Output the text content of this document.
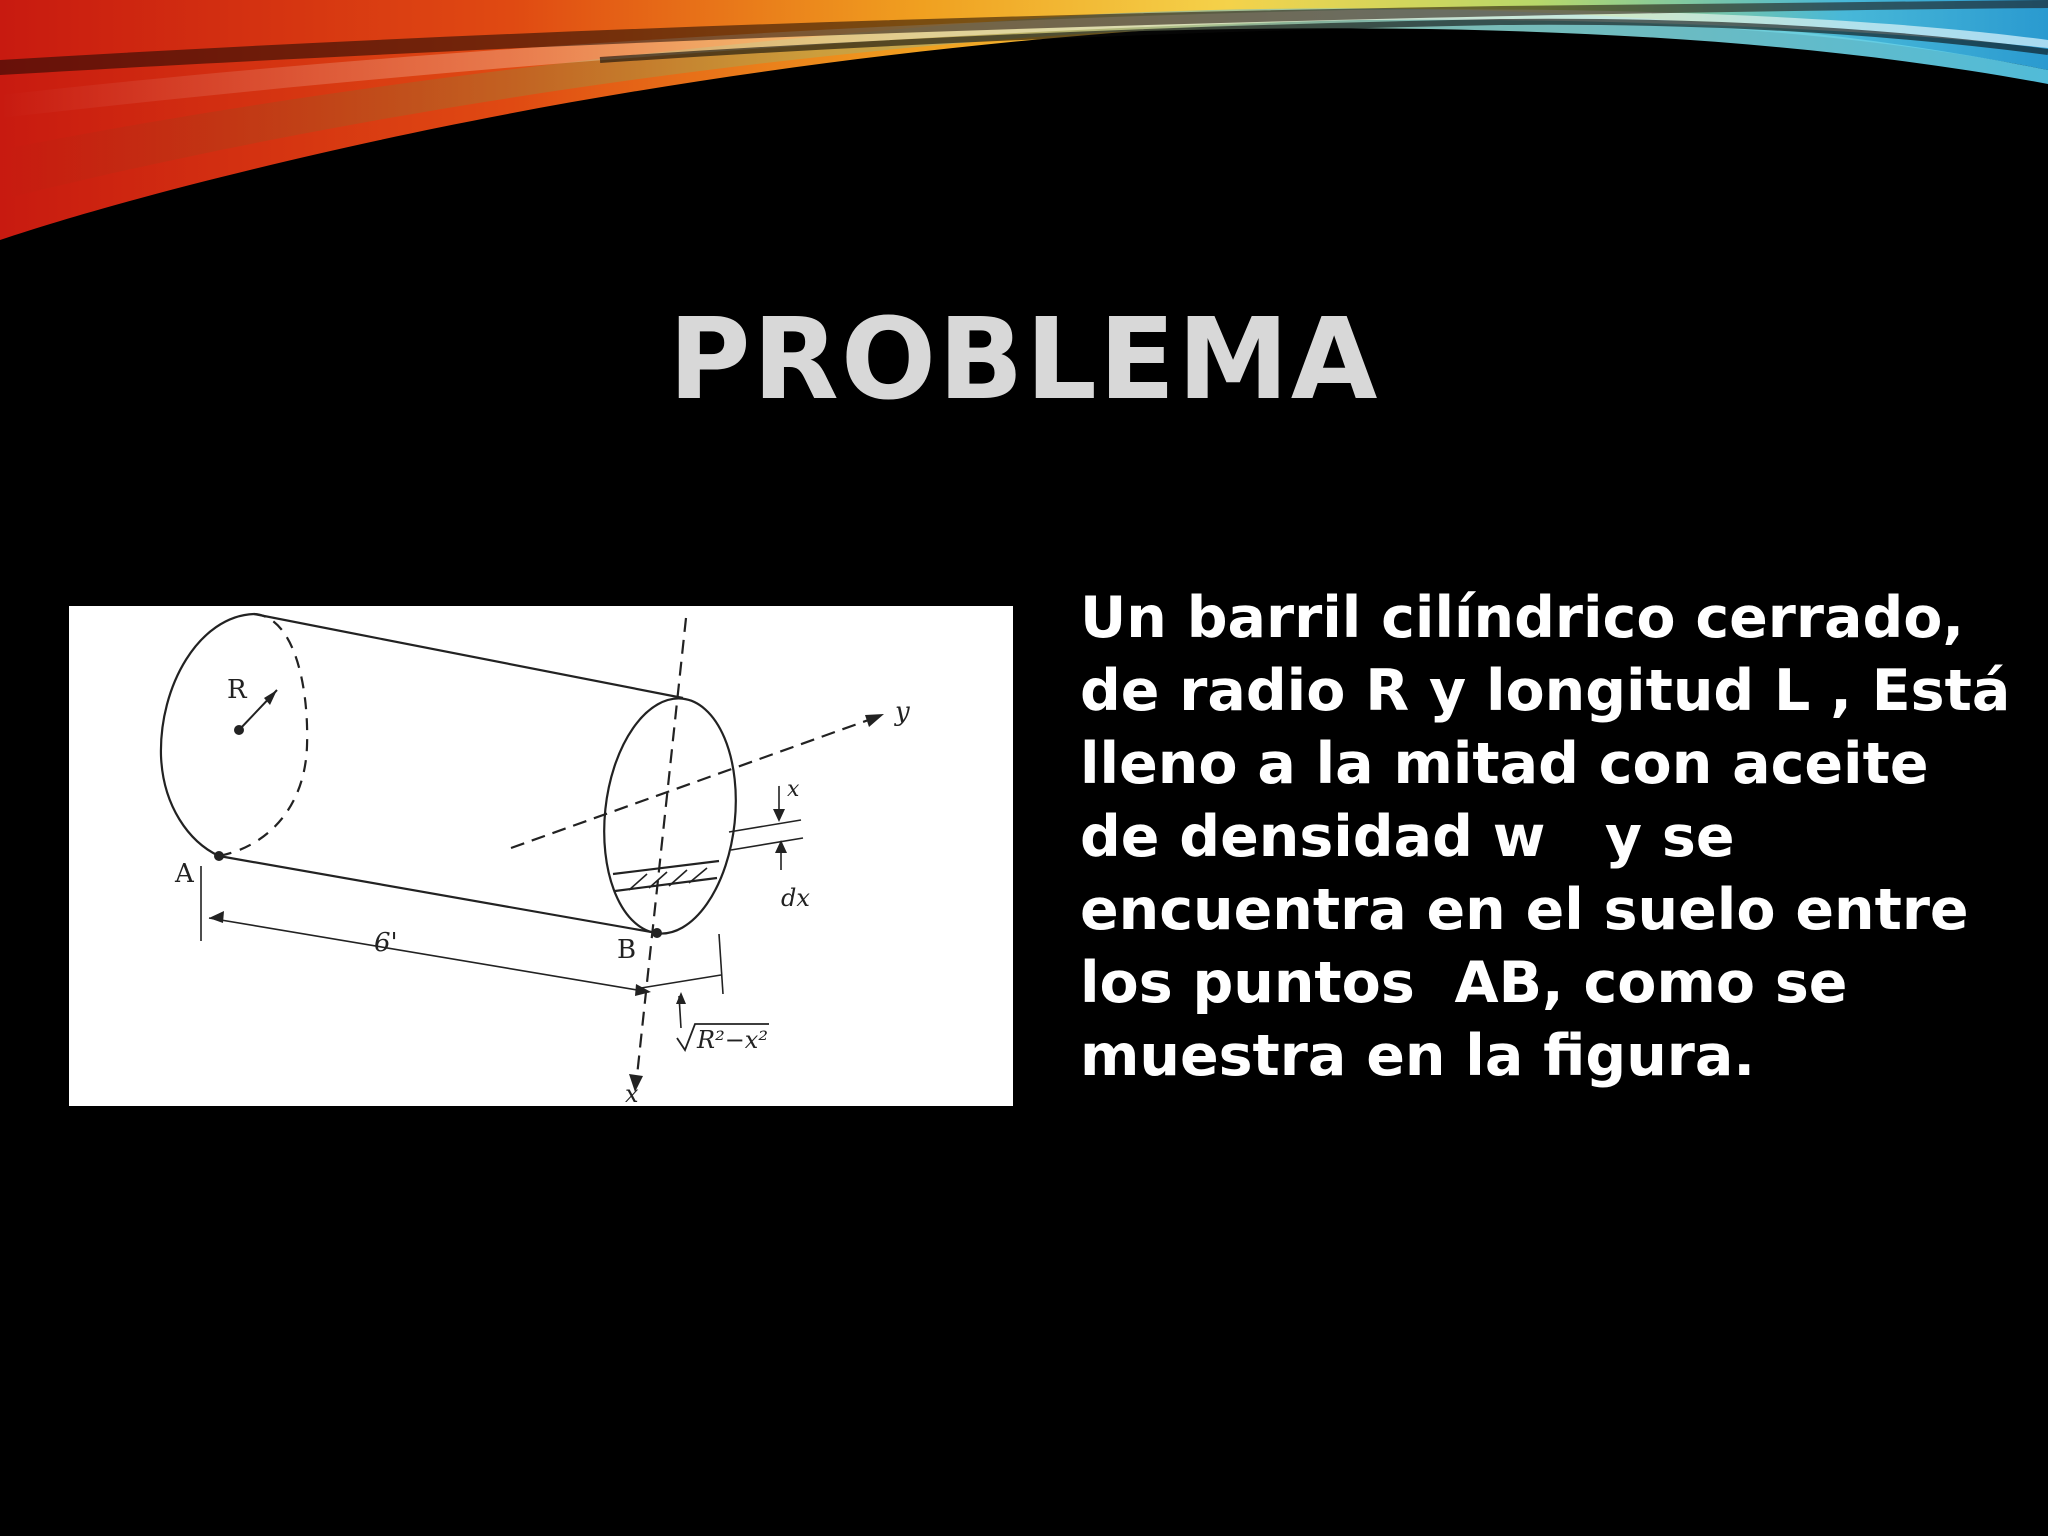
PROBLEMA
R
A
B
6'
y
x
x
dx
R²−x²
Un barril cilíndrico cerrado,
de radio R y longitud L , Está
lleno a la mitad con aceite
de densidad w   y se
encuentra en el suelo entre
los puntos  AB, como se
muestra en la figura.
